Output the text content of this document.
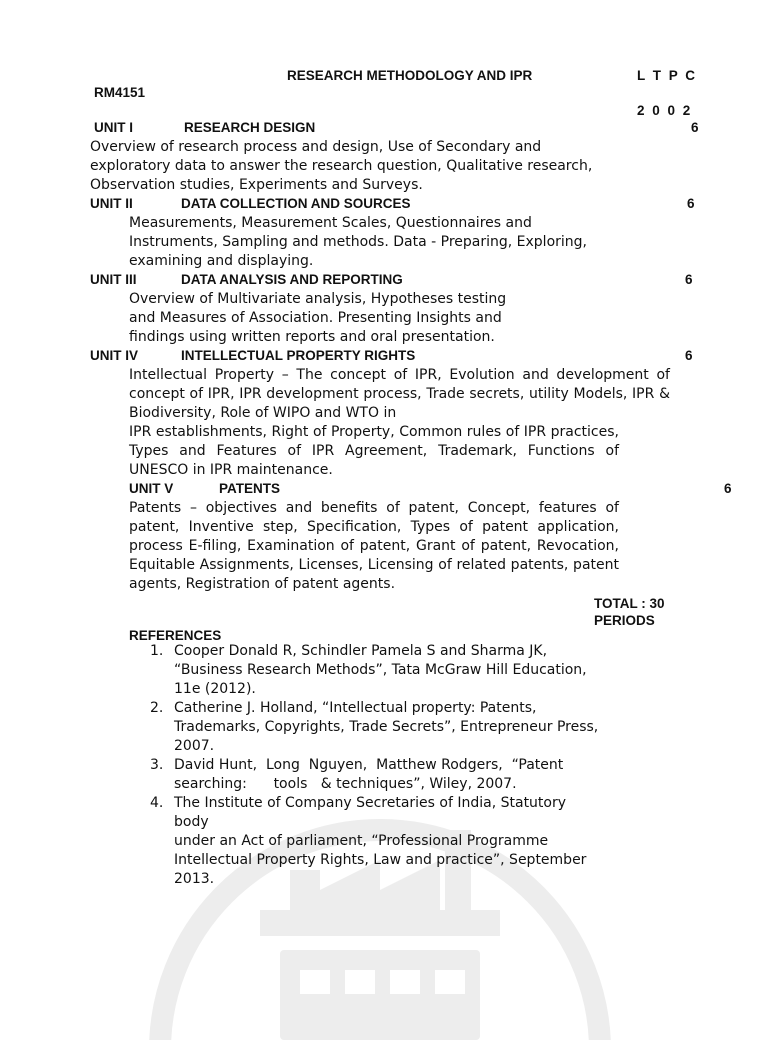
RESEARCH METHODOLOGY AND IPR	L T P C
RM4151
2 0 0 2
UNIT I	RESEARCH DESIGN	6
Overview of research process and design, Use of Secondary and
exploratory data to answer the research question, Qualitative research,
Observation studies, Experiments and Surveys.
UNIT II	DATA COLLECTION AND SOURCES	6
Measurements, Measurement Scales, Questionnaires and
Instruments, Sampling and methods. Data - Preparing, Exploring,
examining and displaying.
UNIT III	DATA ANALYSIS AND REPORTING	6
Overview of Multivariate analysis, Hypotheses testing
and Measures of Association. Presenting Insights and
findings using written reports and oral presentation.
UNIT IV	INTELLECTUAL PROPERTY RIGHTS	6
Intellectual Property – The concept of IPR, Evolution and development of
concept of IPR, IPR development process, Trade secrets, utility Models, IPR &
Biodiversity, Role of WIPO and WTO in
IPR establishments, Right of Property, Common rules of IPR practices,
Types and Features of IPR Agreement, Trademark, Functions of
UNESCO in IPR maintenance.
UNIT V	PATENTS	6
Patents – objectives and benefits of patent, Concept, features of
patent, Inventive step, Specification, Types of patent application,
process E-filing, Examination of patent, Grant of patent, Revocation,
Equitable Assignments, Licenses, Licensing of related patents, patent
agents, Registration of patent agents.
TOTAL : 30
PERIODS
REFERENCES
1. Cooper Donald R, Schindler Pamela S and Sharma JK,
“Business Research Methods”, Tata McGraw Hill Education,
11e (2012).
2. Catherine J. Holland, “Intellectual property: Patents,
Trademarks, Copyrights, Trade Secrets”, Entrepreneur Press,
2007.
3. David Hunt,  Long  Nguyen,  Matthew Rodgers,  “Patent
searching:      tools   & techniques”, Wiley, 2007.
4. The Institute of Company Secretaries of India, Statutory body
under an Act of parliament, “Professional Programme
Intellectual Property Rights, Law and practice”, September
2013.
